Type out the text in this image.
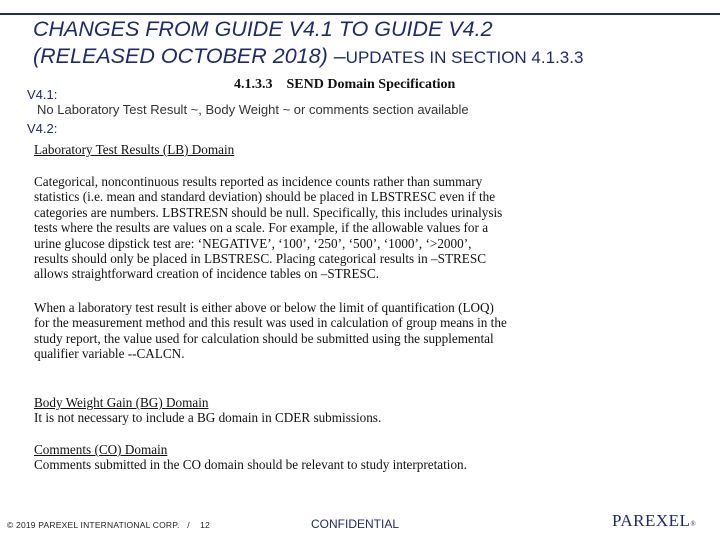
CHANGES FROM GUIDE V4.1 TO GUIDE V4.2
(RELEASED OCTOBER 2018) –UPDATES IN SECTION 4.1.3.3
4.1.3.3    SEND Domain Specification
V4.1:
No Laboratory Test Result ~, Body Weight ~ or comments section available
V4.2:
Laboratory Test Results (LB) Domain
Categorical, noncontinuous results reported as incidence counts rather than summary
statistics (i.e. mean and standard deviation) should be placed in LBSTRESC even if the
categories are numbers. LBSTRESN should be null. Specifically, this includes urinalysis
tests where the results are values on a scale. For example, if the allowable values for a
urine glucose dipstick test are: ‘NEGATIVE’, ‘100’, ‘250’, ‘500’, ‘1000’, ‘>2000’,
results should only be placed in LBSTRESC. Placing categorical results in –STRESC
allows straightforward creation of incidence tables on –STRESC.
When a laboratory test result is either above or below the limit of quantification (LOQ)
for the measurement method and this result was used in calculation of group means in the
study report, the value used for calculation should be submitted using the supplemental
qualifier variable --CALCN.
Body Weight Gain (BG) Domain
It is not necessary to include a BG domain in CDER submissions.
Comments (CO) Domain
Comments submitted in the CO domain should be relevant to study interpretation.
© 2019 PAREXEL INTERNATIONAL CORP. / 12	CONFIDENTIAL	PAREXEL®
